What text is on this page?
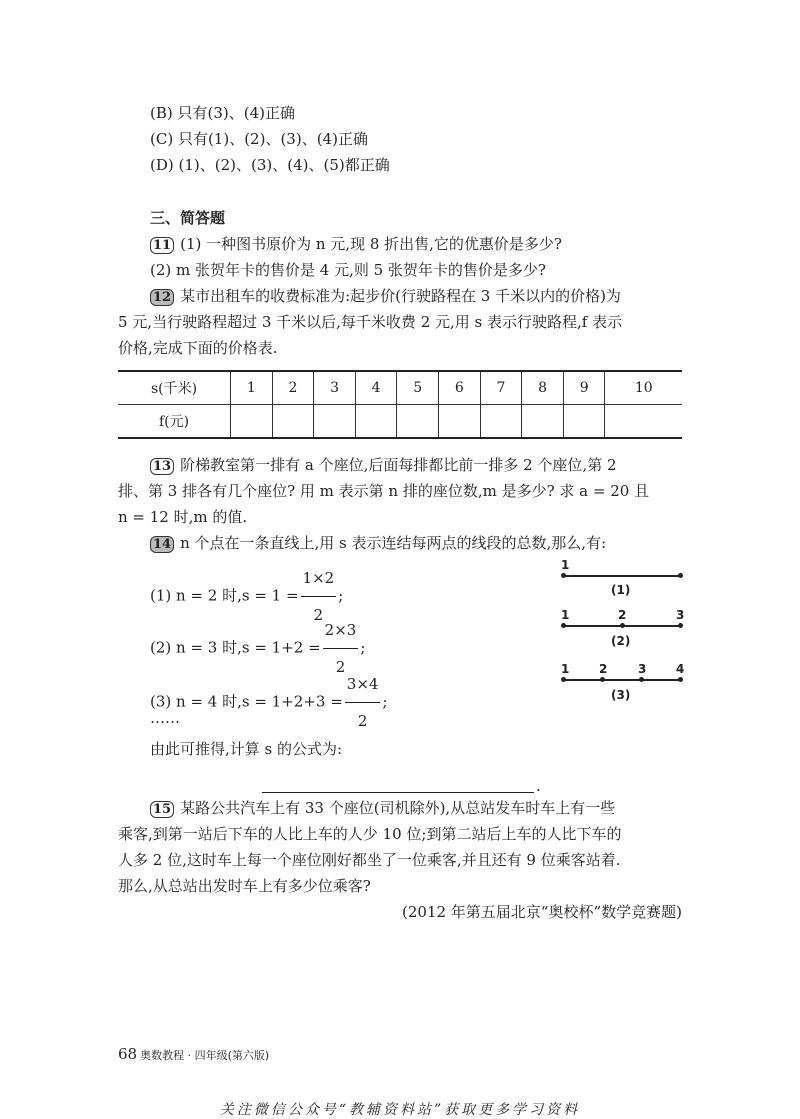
(B) 只有(3)、(4)正确
(C) 只有(1)、(2)、(3)、(4)正确
(D) (1)、(2)、(3)、(4)、(5)都正确
三、简答题
11 (1) 一种图书原价为 n 元,现 8 折出售,它的优惠价是多少?
(2) m 张贺年卡的售价是 4 元,则 5 张贺年卡的售价是多少?
12 某市出租车的收费标准为:起步价(行驶路程在 3 千米以内的价格)为
5 元,当行驶路程超过 3 千米以后,每千米收费 2 元,用 s 表示行驶路程,f 表示
价格,完成下面的价格表.
s(千米)	1	2	3	4	5	6	7	8	9	10
f(元)										
13 阶梯教室第一排有 a 个座位,后面每排都比前一排多 2 个座位,第 2
排、第 3 排各有几个座位? 用 m 表示第 n 排的座位数,m 是多少? 求 a = 20 且
n = 12 时,m 的值.
14 n 个点在一条直线上,用 s 表示连结每两点的线段的总数,那么,有:
(1) n = 2 时$,s = 1 = \frac{1\times 2}{2}$ ;
(2) n = 3 时$,s = 1+2 = \frac{2\times 3}{2}$ ;
(3) n = 4 时$,s = 1+2+3 = \frac{3\times 4}{2}$ ;
……
由此可推得,计算 s 的公式为:
.
1
(1)
1	2	3
(2)
1 2	3 4
(3)
15 某路公共汽车上有 33 个座位(司机除外),从总站发车时车上有一些
乘客,到第一站后下车的人比上车的人少 10 位;到第二站后上车的人比下车的
人多 2 位,这时车上每一个座位刚好都坐了一位乘客,并且还有 9 位乘客站着.
那么,从总站出发时车上有多少位乘客?
(2012 年第五届北京“奥校杯”数学竞赛题)
68 奥数教程 · 四年级(第六版)
关注微信公众号“教辅资料站”获取更多学习资料
